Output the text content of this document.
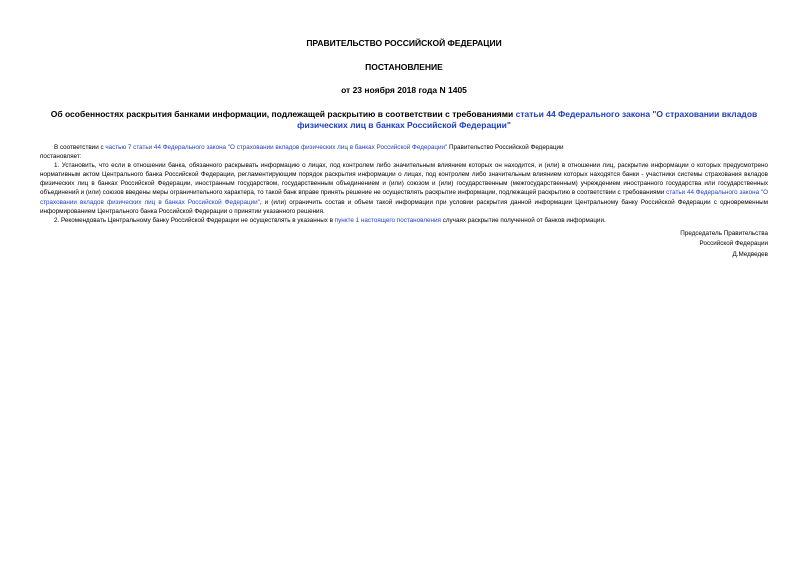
ПРАВИТЕЛЬСТВО РОССИЙСКОЙ ФЕДЕРАЦИИ
ПОСТАНОВЛЕНИЕ
от 23 ноября 2018 года N 1405
Об особенностях раскрытия банками информации, подлежащей раскрытию в соответствии с требованиями статьи 44 Федерального закона "О страховании вкладов физических лиц в банках Российской Федерации"

В соответствии с частью 7 статьи 44 Федерального закона "О страховании вкладов физических лиц в банках Российской Федерации" Правительство Российской Федерации

постановляет:

1. Установить, что если в отношении банка, обязанного раскрывать информацию о лицах, под контролем либо значительным влиянием которых он находится, и (или) в отношении лиц, раскрытие информации о которых предусмотрено нормативным актом Центрального банка Российской Федерации, регламентирующим порядок раскрытия информации о лицах, под контролем либо значительным влиянием которых находятся банки - участники системы страхования вкладов физических лиц в банках Российской Федерации, иностранным государством, государственным объединением и (или) союзом и (или) государственным (межгосударственным) учреждением иностранного государства или государственных объединений и (или) союзов введены меры ограничительного характера, то такой банк вправе принять решение не осуществлять раскрытие информации, подлежащей раскрытию в соответствии с требованиями статьи 44 Федерального закона "О страховании вкладов физических лиц в банках Российской Федерации", и (или) ограничить состав и объем такой информации при условии раскрытия данной информации Центральному банку Российской Федерации с одновременным информированием Центрального банка Российской Федерации о принятии указанного решения.

2. Рекомендовать Центральному банку Российской Федерации не осуществлять в указанных в пункте 1 настоящего постановления случаях раскрытие полученной от банков информации.

Председатель Правительства
Российской Федерации
Д.Медведев
